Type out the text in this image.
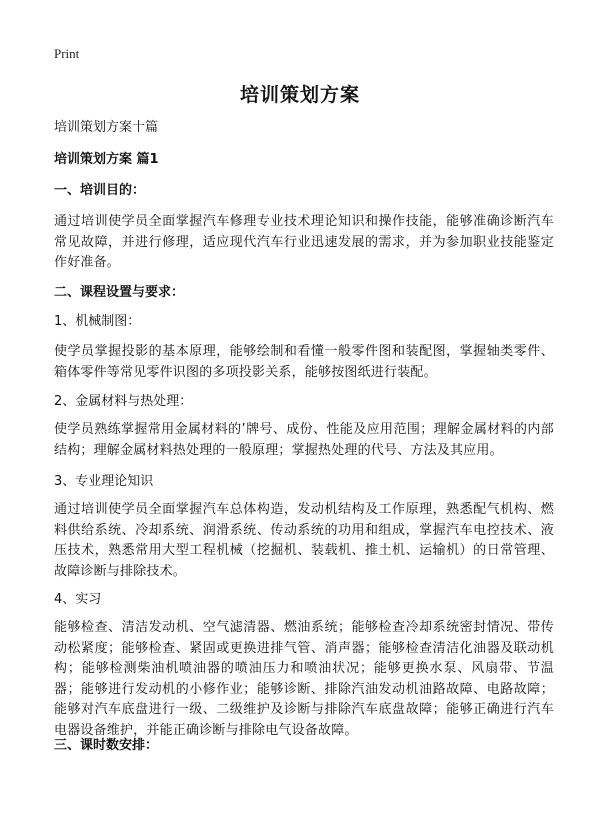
Print
培训策划方案
培训策划方案十篇
培训策划方案 篇1
一、培训目的：
通过培训使学员全面掌握汽车修理专业技术理论知识和操作技能，能够准确诊断汽车常见故障，并进行修理，适应现代汽车行业迅速发展的需求，并为参加职业技能鉴定作好准备。
二、课程设置与要求：
1、机械制图：
使学员掌握投影的基本原理，能够绘制和看懂一般零件图和装配图，掌握轴类零件、箱体零件等常见零件识图的多项投影关系，能够按图纸进行装配。
2、金属材料与热处理：
使学员熟练掌握常用金属材料的’牌号、成份、性能及应用范围；理解金属材料的内部结构；理解金属材料热处理的一般原理；掌握热处理的代号、方法及其应用。
3、专业理论知识
通过培训使学员全面掌握汽车总体构造，发动机结构及工作原理，熟悉配气机构、燃料供给系统、冷却系统、润滑系统、传动系统的功用和组成，掌握汽车电控技术、液压技术，熟悉常用大型工程机械（挖掘机、装载机、推土机、运输机）的日常管理、故障诊断与排除技术。
4、实习
能够检查、清洁发动机、空气滤清器、燃油系统；能够检查冷却系统密封情况、带传动松紧度；能够检查、紧固或更换进排气管、消声器；能够检查清洁化油器及联动机构；能够检测柴油机喷油器的喷油压力和喷油状况；能够更换水泵、风扇带、节温器；能够进行发动机的小修作业；能够诊断、排除汽油发动机油路故障、电路故障；能够对汽车底盘进行一级、二级维护及诊断与排除汽车底盘故障；能够正确进行汽车电器设备维护，并能正确诊断与排除电气设备故障。
三、课时数安排：
